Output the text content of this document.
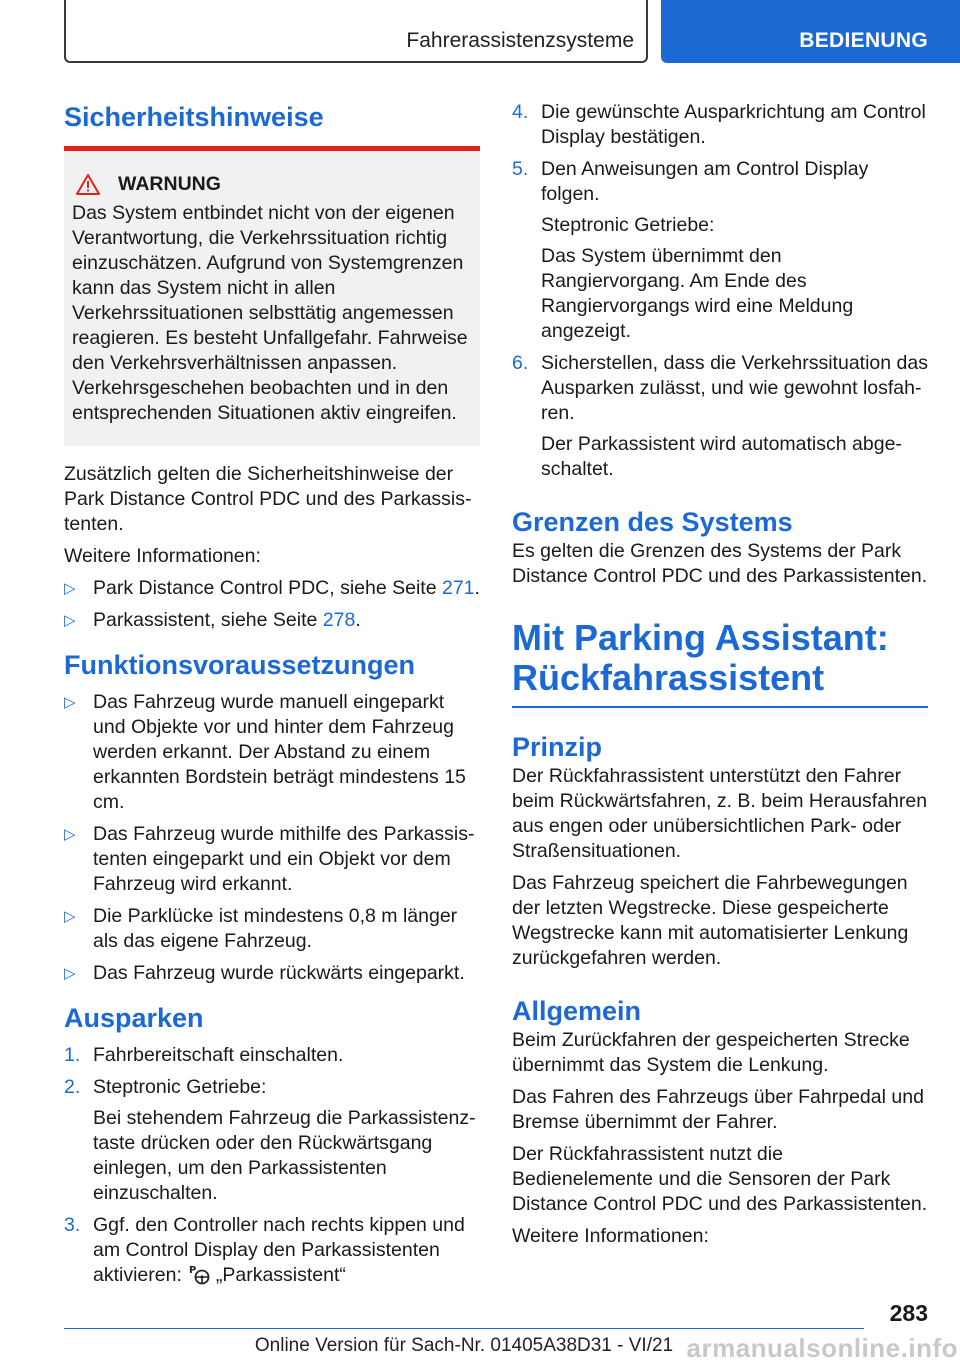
Fahrerassistenzsysteme	BEDIENUNG
Sicherheitshinweise
WARNUNG

Das System entbindet nicht von der eigenen Verantwortung, die Verkehrssituation richtig einzuschätzen. Aufgrund von Systemgrenzen kann das System nicht in allen Verkehrssituationen selbsttätig angemessen reagieren. Es besteht Unfallgefahr. Fahrweise den Verkehrsverhältnissen anpassen. Verkehrsgeschehen beobachten und in den entsprechenden Situationen aktiv eingreifen.

Zusätzlich gelten die Sicherheitshinweise der Park Distance Control PDC und des Parkassistenten.

Weitere Informationen:

▷ Park Distance Control PDC, siehe Seite 271.
▷ Parkassistent, siehe Seite 278.
Funktionsvoraussetzungen
▷ Das Fahrzeug wurde manuell eingeparkt und Objekte vor und hinter dem Fahrzeug werden erkannt. Der Abstand zu einem erkannten Bordstein beträgt mindestens 15 cm.
▷ Das Fahrzeug wurde mithilfe des Parkassistenten eingeparkt und ein Objekt vor dem Fahrzeug wird erkannt.
▷ Die Parklücke ist mindestens 0,8 m länger als das eigene Fahrzeug.
▷ Das Fahrzeug wurde rückwärts eingeparkt.
Ausparken
1. Fahrbereitschaft einschalten.
2. Steptronic Getriebe:
Bei stehendem Fahrzeug die Parkassistenztaste drücken oder den Rückwärtsgang einlegen, um den Parkassistenten einzuschalten.
3. Ggf. den Controller nach rechts kippen und am Control Display den Parkassistenten aktivieren: P „Parkassistent“
4. Die gewünschte Ausparkrichtung am Control Display bestätigen.
5. Den Anweisungen am Control Display folgen.
Steptronic Getriebe:
Das System übernimmt den Rangiervorgang. Am Ende des Rangiervorgangs wird eine Meldung angezeigt.
6. Sicherstellen, dass die Verkehrssituation das Ausparken zulässt, und wie gewohnt losfahren.
Der Parkassistent wird automatisch abgeschaltet.
Grenzen des Systems

Es gelten die Grenzen des Systems der Park Distance Control PDC und des Parkassistenten.

Mit Parking Assistant:
Rückfahrassistent
Prinzip

Der Rückfahrassistent unterstützt den Fahrer beim Rückwärtsfahren, z. B. beim Herausfahren aus engen oder unübersichtlichen Park- oder Straßensituationen.

Das Fahrzeug speichert die Fahrbewegungen der letzten Wegstrecke. Diese gespeicherte Wegstrecke kann mit automatisierter Lenkung zurückgefahren werden.

Allgemein

Beim Zurückfahren der gespeicherten Strecke übernimmt das System die Lenkung.

Das Fahren des Fahrzeugs über Fahrpedal und Bremse übernimmt der Fahrer.

Der Rückfahrassistent nutzt die Bedienelemente und die Sensoren der Park Distance Control PDC und des Parkassistenten.

Weitere Informationen:

283
Online Version für Sach-Nr. 01405A38D31 - VI/21 armanualsonline.info
